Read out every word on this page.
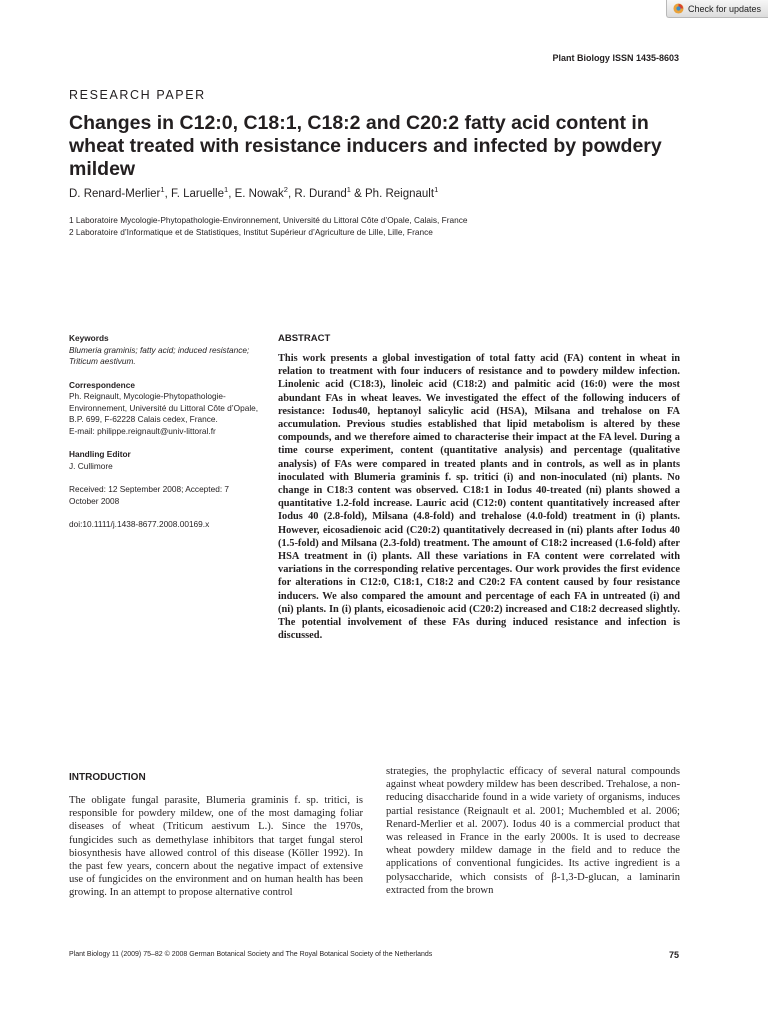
Check for updates
Plant Biology ISSN 1435-8603
RESEARCH PAPER
Changes in C12:0, C18:1, C18:2 and C20:2 fatty acid content in wheat treated with resistance inducers and infected by powdery mildew
D. Renard-Merlier$^1$, F. Laruelle$^1$, E. Nowak$^2$, R. Durand$^1$ & Ph. Reignault$^1$
1 Laboratoire Mycologie-Phytopathologie-Environnement, Université du Littoral Côte d’Opale, Calais, France
2 Laboratoire d’Informatique et de Statistiques, Institut Supérieur d’Agriculture de Lille, Lille, France
Keywords
Blumeria graminis; fatty acid; induced resistance; Triticum aestivum.
Correspondence
Ph. Reignault, Mycologie-Phytopathologie-Environnement, Université du Littoral Côte d’Opale, B.P. 699, F-62228 Calais cedex, France.
E-mail: philippe.reignault@univ-littoral.fr
Handling Editor
J. Cullimore
Received: 12 September 2008; Accepted: 7 October 2008
doi:10.1111/j.1438-8677.2008.00169.x
ABSTRACT
This work presents a global investigation of total fatty acid (FA) content in wheat in relation to treatment with four inducers of resistance and to powdery mildew infection. Linolenic acid (C18:3), linoleic acid (C18:2) and palmitic acid (16:0) were the most abundant FAs in wheat leaves. We investigated the effect of the following inducers of resistance: Iodus40, heptanoyl salicylic acid (HSA), Milsana and trehalose on FA accumulation. Previous studies established that lipid metabolism is altered by these compounds, and we therefore aimed to characterise their impact at the FA level. During a time course experiment, content (quantitative analysis) and percentage (qualitative analysis) of FAs were compared in treated plants and in controls, as well as in plants inoculated with Blumeria graminis f. sp. tritici (i) and non-inoculated (ni) plants. No change in C18:3 content was observed. C18:1 in Iodus 40-treated (ni) plants showed a quantitative 1.2-fold increase. Lauric acid (C12:0) content quantitatively increased after Iodus 40 (2.8-fold), Milsana (4.8-fold) and trehalose (4.0-fold) treatment in (i) plants. However, eicosadienoic acid (C20:2) quantitatively decreased in (ni) plants after Iodus 40 (1.5-fold) and Milsana (2.3-fold) treatment. The amount of C18:2 increased (1.6-fold) after HSA treatment in (i) plants. All these variations in FA content were correlated with variations in the corresponding relative percentages. Our work provides the first evidence for alterations in C12:0, C18:1, C18:2 and C20:2 FA content caused by four resistance inducers. We also compared the amount and percentage of each FA in untreated (i) and (ni) plants. In (i) plants, eicosadienoic acid (C20:2) increased and C18:2 decreased slightly. The potential involvement of these FAs during induced resistance and infection is discussed.
INTRODUCTION
The obligate fungal parasite, Blumeria graminis f. sp. tritici, is responsible for powdery mildew, one of the most damaging foliar diseases of wheat (Triticum aestivum L.). Since the 1970s, fungicides such as demethylase inhibitors that target fungal sterol biosynthesis have allowed control of this disease (Köller 1992). In the past few years, concern about the negative impact of extensive use of fungicides on the environment and on human health has been growing. In an attempt to propose alternative control
strategies, the prophylactic efficacy of several natural compounds against wheat powdery mildew has been described. Trehalose, a non-reducing disaccharide found in a wide variety of organisms, induces partial resistance (Reignault et al. 2001; Muchembled et al. 2006; Renard-Merlier et al. 2007). Iodus 40 is a commercial product that was released in France in the early 2000s. It is used to decrease wheat powdery mildew damage in the field and to reduce the applications of conventional fungicides. Its active ingredient is a polysaccharide, which consists of β-1,3-D-glucan, a laminarin extracted from the brown
Plant Biology 11 (2009) 75–82 © 2008 German Botanical Society and The Royal Botanical Society of the Netherlands	75
